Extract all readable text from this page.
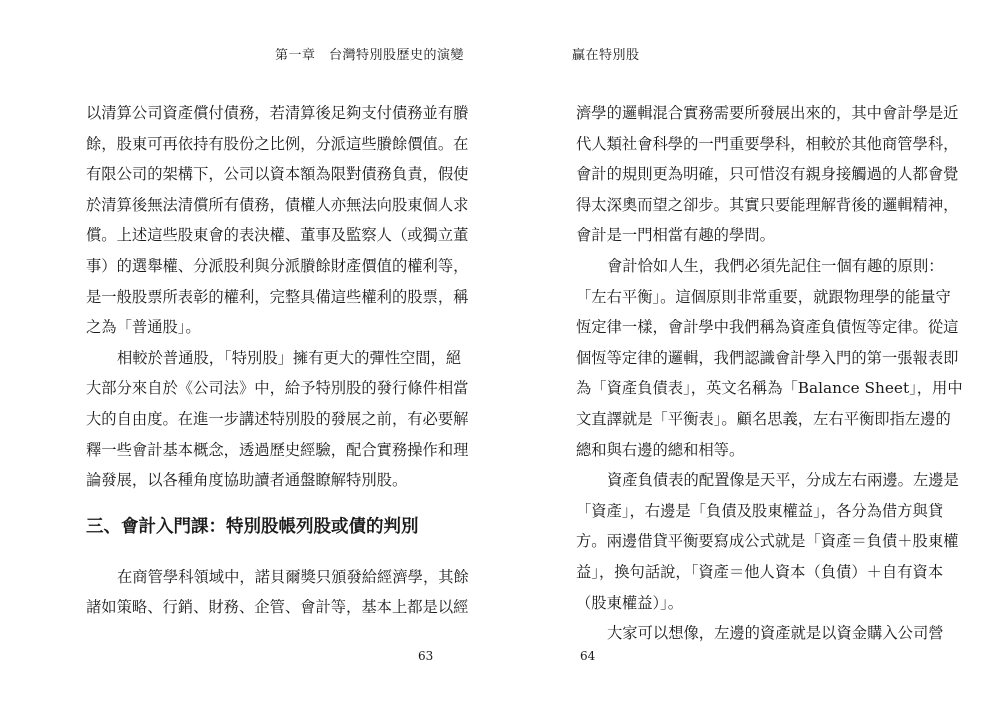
第一章　台灣特別股歷史的演變
以清算公司資產償付債務，若清算後足夠支付債務並有賸
餘，股東可再依持有股份之比例，分派這些賸餘價值。在
有限公司的架構下，公司以資本額為限對債務負責，假使
於清算後無法清償所有債務，債權人亦無法向股東個人求
償。上述這些股東會的表決權、董事及監察人（或獨立董
事）的選舉權、分派股利與分派賸餘財產價值的權利等，
是一般股票所表彰的權利，完整具備這些權利的股票，稱
之為「普通股」。
相較於普通股，「特別股」擁有更大的彈性空間，絕
大部分來自於《公司法》中，給予特別股的發行條件相當
大的自由度。在進一步講述特別股的發展之前，有必要解
釋一些會計基本概念，透過歷史經驗，配合實務操作和理
論發展，以各種角度協助讀者通盤瞭解特別股。
三、會計入門課：特別股帳列股或債的判別
在商管學科領域中，諾貝爾獎只頒發給經濟學，其餘
諸如策略、行銷、財務、企管、會計等，基本上都是以經
63
贏在特別股
濟學的邏輯混合實務需要所發展出來的，其中會計學是近
代人類社會科學的一門重要學科，相較於其他商管學科，
會計的規則更為明確，只可惜沒有親身接觸過的人都會覺
得太深奧而望之卻步。其實只要能理解背後的邏輯精神，
會計是一門相當有趣的學問。
會計恰如人生，我們必須先記住一個有趣的原則：
「左右平衡」。這個原則非常重要，就跟物理學的能量守
恆定律一樣，會計學中我們稱為資產負債恆等定律。從這
個恆等定律的邏輯，我們認識會計學入門的第一張報表即
為「資產負債表」，英文名稱為「Balance Sheet」，用中
文直譯就是「平衡表」。顧名思義，左右平衡即指左邊的
總和與右邊的總和相等。
資產負債表的配置像是天平，分成左右兩邊。左邊是
「資產」，右邊是「負債及股東權益」，各分為借方與貸
方。兩邊借貸平衡要寫成公式就是「資產＝負債＋股東權
益」，換句話說，「資產＝他人資本（負債）＋自有資本
（股東權益）」。
大家可以想像，左邊的資產就是以資金購入公司營
64
